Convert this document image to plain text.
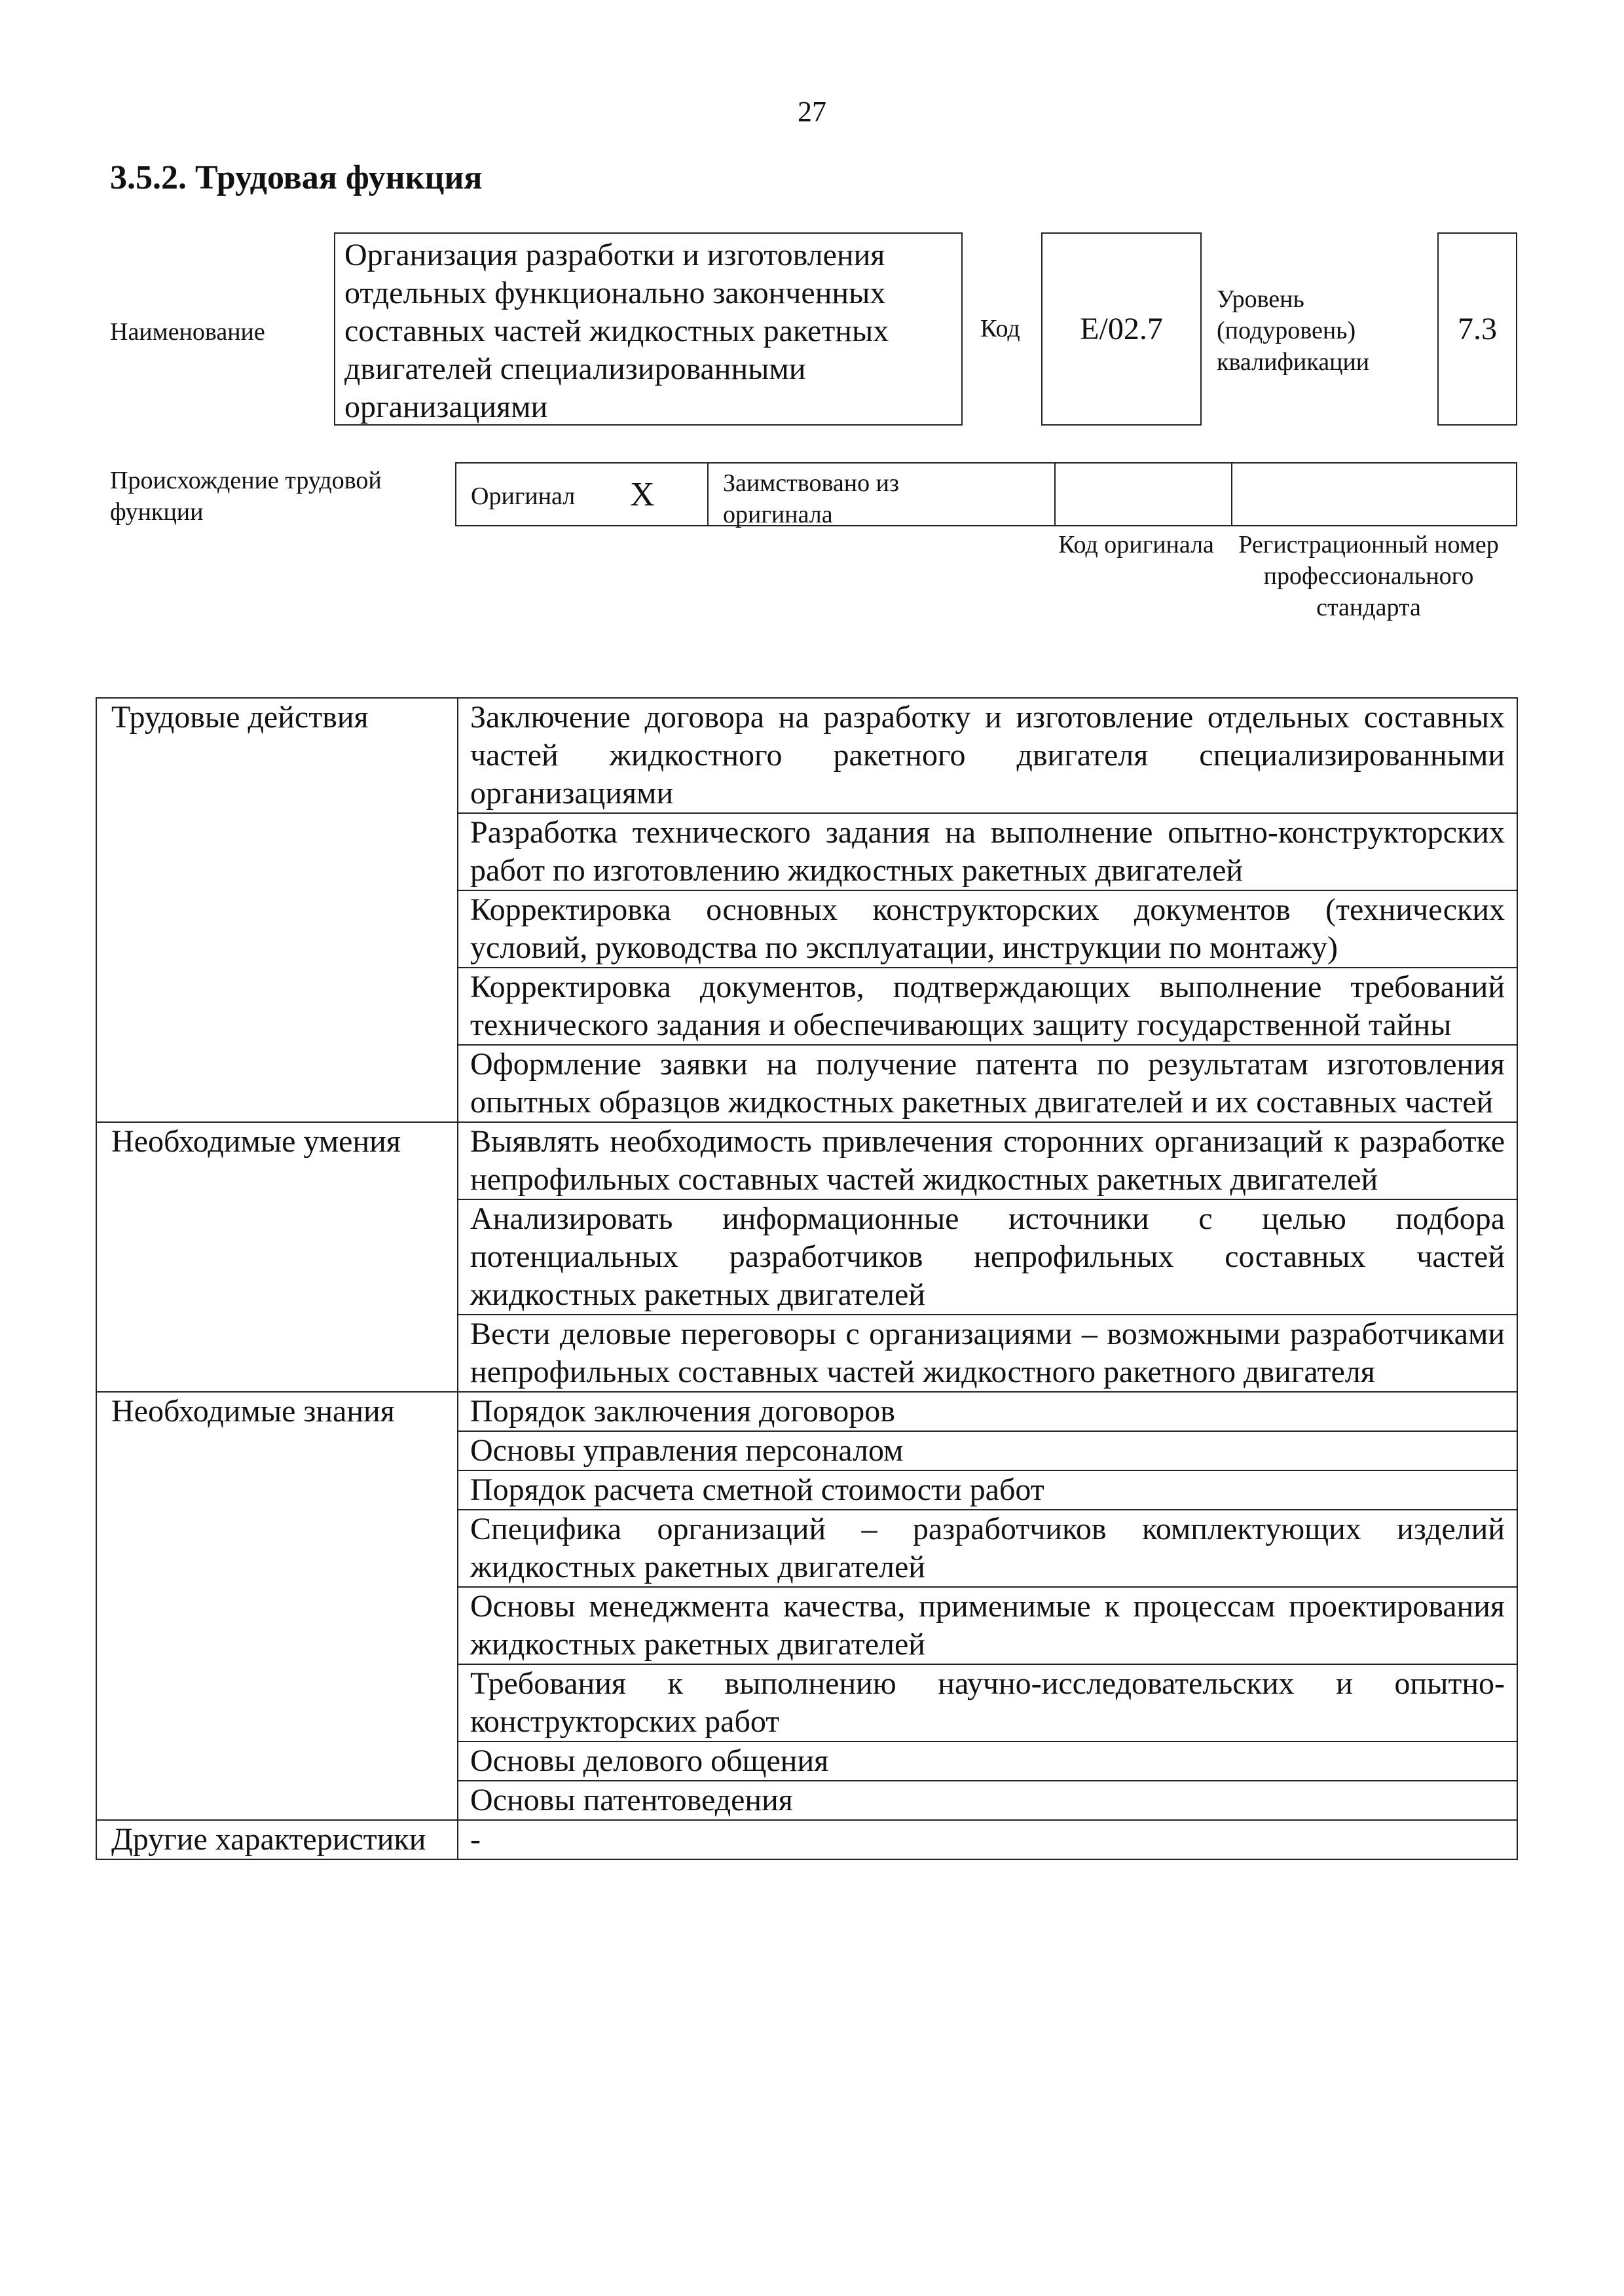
27
3.5.2. Трудовая функция
Наименование
Организация разработки и изготовления отдельных функционально законченных составных частей жидкостных ракетных двигателей специализированными организациями
Код E/02.7
Уровень (подуровень) квалификации
7.3
Происхождение трудовой функции
Оригинал X	Заимствовано из оригинала
Код оригинала Регистрационный номер профессионального стандарта
Трудовые действия	Заключение договора на разработку и изготовление отдельных составных частей жидкостного ракетного двигателя специализированными организациями
	Разработка технического задания на выполнение опытно-конструкторских работ по изготовлению жидкостных ракетных двигателей
	Корректировка основных конструкторских документов (технических условий, руководства по эксплуатации, инструкции по монтажу)
	Корректировка документов, подтверждающих выполнение требований технического задания и обеспечивающих защиту государственной тайны
	Оформление заявки на получение патента по результатам изготовления опытных образцов жидкостных ракетных двигателей и их составных частей
Необходимые умения	Выявлять необходимость привлечения сторонних организаций к разработке непрофильных составных частей жидкостных ракетных двигателей
	Анализировать информационные источники с целью подбора потенциальных разработчиков непрофильных составных частей жидкостных ракетных двигателей
	Вести деловые переговоры с организациями – возможными разработчиками непрофильных составных частей жидкостного ракетного двигателя
Необходимые знания	Порядок заключения договоров
	Основы управления персоналом
	Порядок расчета сметной стоимости работ
	Специфика организаций – разработчиков комплектующих изделий жидкостных ракетных двигателей
	Основы менеджмента качества, применимые к процессам проектирования жидкостных ракетных двигателей
	Требования к выполнению научно-исследовательских и опытно-конструкторских работ
	Основы делового общения
	Основы патентоведения
Другие характеристики	-
